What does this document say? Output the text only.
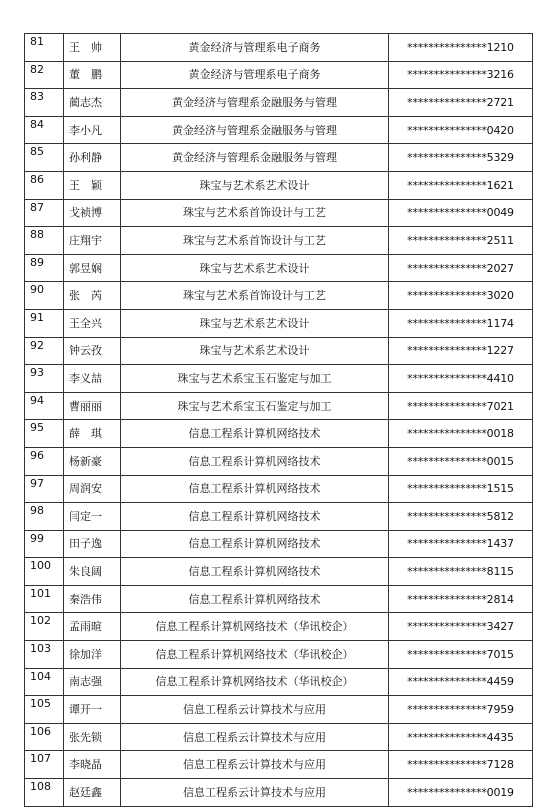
81	王　帅	黄金经济与管理系电子商务	***************1210
82	董　鹏	黄金经济与管理系电子商务	***************3216
83	蔺志杰	黄金经济与管理系金融服务与管理	***************2721
84	李小凡	黄金经济与管理系金融服务与管理	***************0420
85	孙利静	黄金经济与管理系金融服务与管理	***************5329
86	王　颖	珠宝与艺术系艺术设计	***************1621
87	戈祯博	珠宝与艺术系首饰设计与工艺	***************0049
88	庄翔宇	珠宝与艺术系首饰设计与工艺	***************2511
89	郭昱娴	珠宝与艺术系艺术设计	***************2027
90	张　芮	珠宝与艺术系首饰设计与工艺	***************3020
91	王全兴	珠宝与艺术系艺术设计	***************1174
92	钟云孜	珠宝与艺术系艺术设计	***************1227
93	李义喆	珠宝与艺术系宝玉石鉴定与加工	***************4410
94	曹丽丽	珠宝与艺术系宝玉石鉴定与加工	***************7021
95	薛　琪	信息工程系计算机网络技术	***************0018
96	杨新豪	信息工程系计算机网络技术	***************0015
97	周润安	信息工程系计算机网络技术	***************1515
98	闫定一	信息工程系计算机网络技术	***************5812
99	田子逸	信息工程系计算机网络技术	***************1437
100	朱良阔	信息工程系计算机网络技术	***************8115
101	秦浩伟	信息工程系计算机网络技术	***************2814
102	孟雨暄	信息工程系计算机网络技术（华讯校企）	***************3427
103	徐加洋	信息工程系计算机网络技术（华讯校企）	***************7015
104	南志强	信息工程系计算机网络技术（华讯校企）	***************4459
105	谭开一	信息工程系云计算技术与应用	***************7959
106	张先锁	信息工程系云计算技术与应用	***************4435
107	李晓晶	信息工程系云计算技术与应用	***************7128
108	赵廷鑫	信息工程系云计算技术与应用	***************0019
